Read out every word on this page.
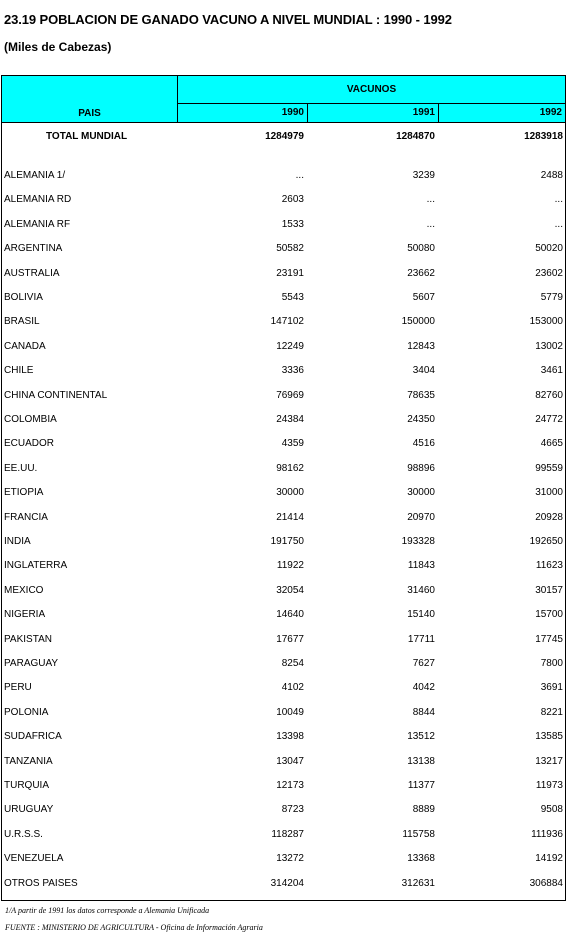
23.19 POBLACION DE GANADO VACUNO A NIVEL MUNDIAL : 1990 - 1992
(Miles de Cabezas)
PAIS
VACUNOS
1990	1991	1992
TOTAL MUNDIAL	1284979	1284870	1283918
ALEMANIA 1/	...	3239	2488
ALEMANIA RD	2603	...	...
ALEMANIA RF	1533	...	...
ARGENTINA	50582	50080	50020
AUSTRALIA	23191	23662	23602
BOLIVIA	5543	5607	5779
BRASIL	147102	150000	153000
CANADA	12249	12843	13002
CHILE	3336	3404	3461
CHINA CONTINENTAL	76969	78635	82760
COLOMBIA	24384	24350	24772
ECUADOR	4359	4516	4665
EE.UU.	98162	98896	99559
ETIOPIA	30000	30000	31000
FRANCIA	21414	20970	20928
INDIA	191750	193328	192650
INGLATERRA	11922	11843	11623
MEXICO	32054	31460	30157
NIGERIA	14640	15140	15700
PAKISTAN	17677	17711	17745
PARAGUAY	8254	7627	7800
PERU	4102	4042	3691
POLONIA	10049	8844	8221
SUDAFRICA	13398	13512	13585
TANZANIA	13047	13138	13217
TURQUIA	12173	11377	11973
URUGUAY	8723	8889	9508
U.R.S.S.	118287	115758	111936
VENEZUELA	13272	13368	14192
OTROS PAISES	314204	312631	306884
1/A partir de 1991 los datos corresponde a Alemania Unificada
FUENTE : MINISTERIO DE AGRICULTURA - Oficina de Información Agraria
